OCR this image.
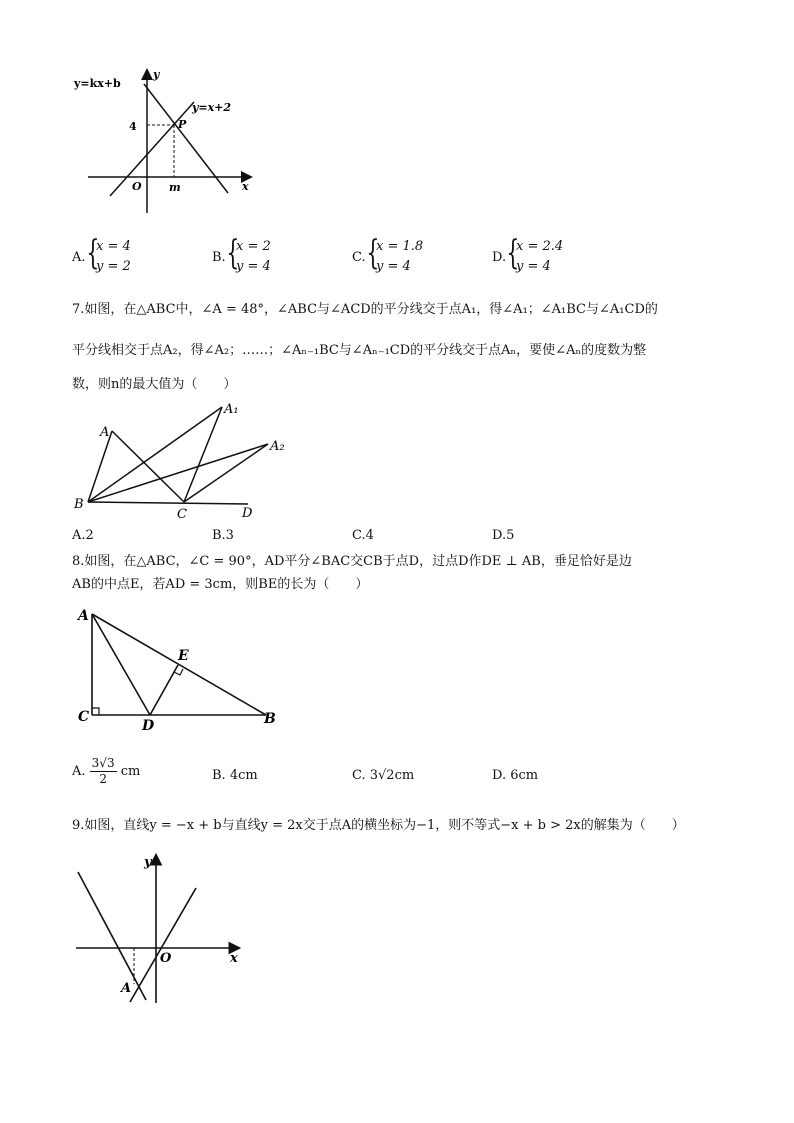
y=kx+b
y=x+2
y
x
O
P
4
m
A. {
x = 4
y = 2
B. {
x = 2
y = 4
C. {
x = 1.8
y = 4
D. {
x = 2.4
y = 4
7.如图，在△ABC中，∠A = 48°，∠ABC与∠ACD的平分线交于点A₁，得∠A₁；∠A₁BC与∠A₁CD的
平分线相交于点A₂，得∠A₂；……；∠Aₙ₋₁BC与∠Aₙ₋₁CD的平分线交于点Aₙ，要使∠Aₙ的度数为整
数，则n的最大值为（　　）
A
A₁
A₂
B
C	D
A.2	B.3	C.4	D.5
8.如图，在△ABC，∠C = 90°，AD平分∠BAC交CB于点D，过点D作DE ⊥ AB，垂足恰好是边
AB的中点E，若AD = 3cm，则BE的长为（　　）
A
E
C
D	B
A. $\frac{3√3}{2}$ cm	B. 4cm	C. 3√2cm	D. 6cm
9.如图，直线y = −x + b与直线y = 2x交于点A的横坐标为−1，则不等式−x + b > 2x的解集为（　　）
y
x
O
A
